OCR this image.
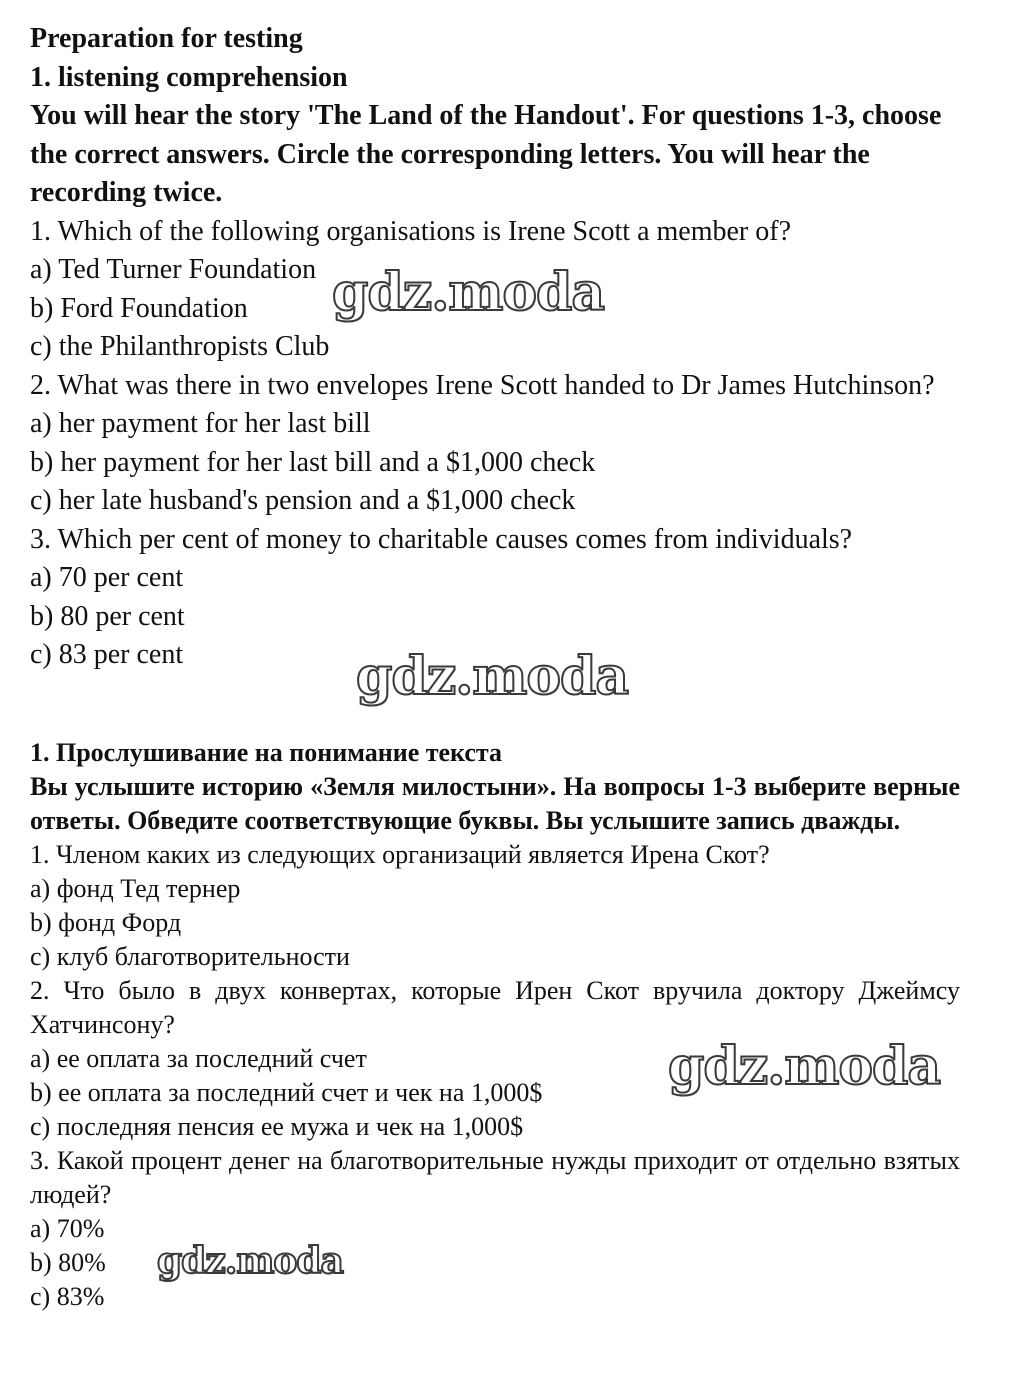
Preparation for testing
1. listening comprehension
You will hear the story 'The Land of the Handout'. For questions 1-3, choose the correct answers. Circle the corresponding letters. You will hear the recording twice.
1. Which of the following organisations is Irene Scott a member of?
a) Ted Turner Foundation
b) Ford Foundation
c) the Philanthropists Club
2. What was there in two envelopes Irene Scott handed to Dr James Hutchinson?
a) her payment for her last bill
b) her payment for her last bill and a $1,000 check
c) her late husband's pension and a $1,000 check
3. Which per cent of money to charitable causes comes from individuals?
a) 70 per cent
b) 80 per cent
c) 83 per cent
1. Прослушивание на понимание текста
Вы услышите историю «Земля милостыни». На вопросы 1-3 выберите верные ответы. Обведите соответствующие буквы. Вы услышите запись дважды.
1. Членом каких из следующих организаций является Ирена Скот?
a) фонд Тед тернер
b) фонд Форд
c) клуб благотворительности
2. Что было в двух конвертах, которые Ирен Скот вручила доктору Джеймсу Хатчинсону?
a) ее оплата за последний счет
b) ее оплата за последний счет и чек на 1,000$
c) последняя пенсия ее мужа и чек на 1,000$
3. Какой процент денег на благотворительные нужды приходит от отдельно взятых людей?
a) 70%
b) 80%
c) 83%
gdz.moda
gdz.moda
gdz.moda
gdz.moda
